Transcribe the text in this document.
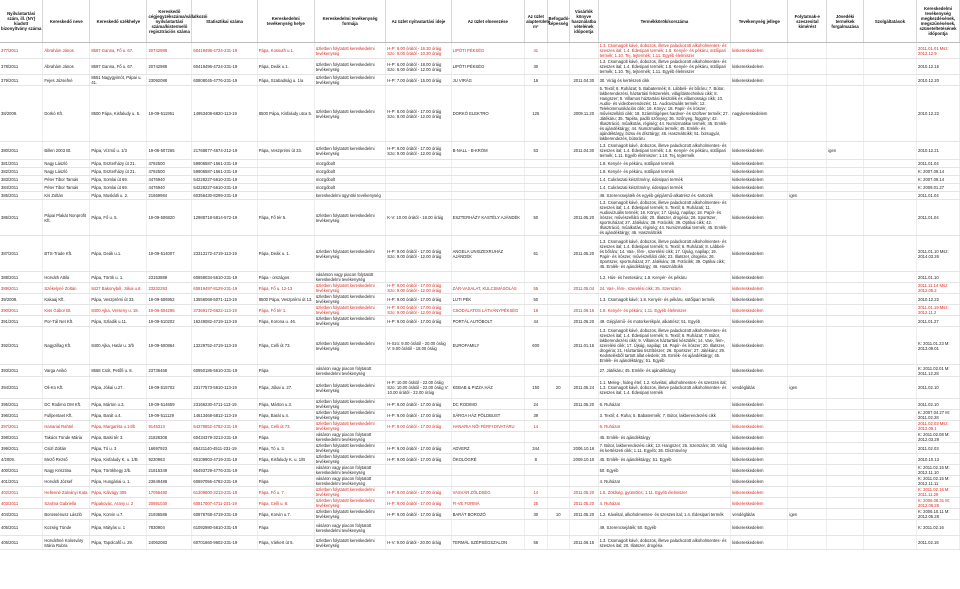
Nyilvántartási szám, ill. (NY) kiadott bizonyítvány száma	Kereskedő neve	Kereskedő székhelye	Kereskedő cégjegyzékszáma/vállalkozói nyilvántartási száma/kistermelő regisztrációs száma	Statisztikai száma	Kereskedelmi tevékenység helye	Kereskedelmi tevékenység formája	Az üzlet nyitvatartási ideje	Az üzlet elnevezése	Az üzlet alapterülete m²	Befogadó-képesség	Vásárlók könyve használatba vételének időpontja	Termékkörök/sorszáma	Tevékenység jellege	Folytatnak-e szeszesital kimérést	Jövedéki termékek forgalmazása	Szolgáltatások	Kereskedelmi tevékenység megkezdésének, megszűnésének, szüneteltetésének időpontja
377/2011	Ábrahám János	8597 Ganna, Fő u. 67.	20742988	60419496-4724-231-19	Pápa, Kossuth u.1.	üzletben folytatott kereskedelmi tevékenység	H-P: 6.00 órától - 16.30 óráig Szo: 6.00 órától - 10.30 óráig	LIPÓTI PÉKSÉG	41			1.3. Csomagolt kávé, dobozos, illetve palackozott alkoholmentes- és szeszes ital; 1.4. Édesipari termék; 1.8. Kenyér- és pékáru, sütőipari termék; 1.10. Tej, tejtermék; 1.11. Egyéb élelmiszer	kiskereskedelem				2011.01.01 Msz: 2012.12.9
378/2011	Ábrahám János	8597 Ganna, Fő u. 67.	20742988	60419496-4724-231-19	Pápa, Deák u.1.	üzletben folytatott kereskedelmi tevékenység	H-P: 6.00 órától - 18.00 óráig Szo: 6.00 órától - 12.00 óráig	LIPÓTI PÉKSÉG	30			1.3. Csomagolt kávé, dobozos, illetve palackozott alkoholmentes- és szeszes ital; 1.4. Édesipari termék; 1.8. Kenyér- és pékáru, sütőipari termék; 1.10. Tej, tejtermék; 1.11. Egyéb élelmiszer	kiskereskedelem				2010.12.15
379/2011	Fejes Józsefné	8551 Nagygyimót, Pápai u. 41.	23092088	60808045-4776-231-19	Pápa, Szabadság u. 1/a	üzletben folytatott kereskedelmi tevékenység	H-P: 7.00 órától - 15.00 óráig	JU VIRÁG	16		2011.04.30	30. Virág és kertészeti cikk	kiskereskedelem				2010.12.20
38/2009.	Dorkó Kft.	8500 Pápa, Kisfaludy u. 5.	19-09-511951	14953408-6820-113-19	8500 Pápa, Kisfaludy utca 5.	üzletben folytatott kereskedelmi tevékenység	H-P: 8.00 órától - 17.00 óráig Szo: 8.00 órától - 12.00 óráig	DORKÓ ELEKTRO	125		2009.11.20	5. Textil; 6. Ruházat; 5. Babatermék; 6. Lábbeli- és bőráru; 7. Bútor, lakberendezési, háztartási felszerelés, világítástechnikai cikk; 8. Hangszer; 9. Villamos háztartási készülék és villamossági cikk; 10. Audio- és videoberendezés; 11. Audiovizuális termék; 12. Telekommunikációs cikk; 16. Könyv; 18. Papír- és írószer, művészellátó cikk; 19. Számítógépes hardver- és szoftver termék; 27. Játékáru; 35. Tapéta, padló szőnyeg; 36. Szőnyeg, függöny; 42. Illusztráció, műalkotás, régiség; 44. Numizmatikai termék; 45. Emlék- és ajándéktárgy; 44. Numizmatikai termék; 45. Emlék- és ajándéktárgy, bizsu és dísztárgy; 46. Használtcikk; 51. bizsugyár, lakberendezés, bútoráru	nagykereskedelem				2010.12.22
380/2011	Billen 2003 Bt.	Pápa, Vízmű u. 1/3	19-06-507265	21768877-4674-212-19	Pápa, Veszprémi út 33.	üzletben folytatott kereskedelmi tevékenység	H-P: 9.00 órától - 17.00 óráig Szo: 9.00 órától - 12.00 óráig	B-NALL - B-KRÓM	53		2011.04.30	1.3. Csomagolt kávé, dobozos, illetve palackozott alkoholmentes- és szeszes ital; 1.4. Édesipari termék; 1.8. Kenyér- és pékáru, sütőipari termék; 1.11. Egyéb élelmiszer; 1.10. Tej, tejtermék	kiskereskedelem		igen		2010.12.21
381/2011	Nagy László	Pápa, Eszterházy út 21.	4792500	59906587-1561-231-19		mozgóbolt						1.8. Kenyér- és pékáru, sütőipari termék	kiskereskedelem				2011.01.04
382/2011	Nagy László	Pápa, Eszterházy út 21.	4792500	59906587-1561-231-19		mozgóbolt						1.8. Kenyér- és pékáru, sütőipari termék	kiskereskedelem				K: 2007.09.14
383/2011	Péter Tibor Tamás	Pápa, Somlai út 69.	4476940	54228227-5610-231-19		mozgóbolt						1.4. Cukrászati készítmény, édesipari termék	kiskereskedelem				K: 2007.09.14
384/2011	Péter Tibor Tamás	Pápa, Somlai út 69.	4476940	54228227-5610-231-19		mozgóbolt						1.4. Cukrászati készítmény, édesipari termék	kiskereskedelem				K: 2009.01.27
385/2011	Kis Zoltán	Pápa, Muskátli u. 2.	21669984	60356430-8299-231-19		kereskedelmi ügynöki tevékenység						48. Szerencsejáték és egyéb gépjármű-alkatrész és -tartozék	kiskereskedelem	igen			2011.01.04
386/2011	Pápai Plakát Nonprofit Kft.	Pápa, Fő u. 5.	19-09-506820	12988718-5814-572-19	Pápa, Fő tér 5.	üzletben folytatott kereskedelmi tevékenység	K-V: 10.00 órától - 18.00 óráig	ESZTERHÁZY KASTÉLY AJÁNDÉK	50		2011.05.20	1.3. Csomagolt kávé, dobozos, illetve palackozott alkoholmentes- és szeszes ital; 1.4. Édesipari termék; 5. Textil; 6. Ruházati; 11. Audiovizuális termék; 16. Könyv; 17. Újság, napilap; 18. Papír- és írószer, művészellátó cikk; 20. Illatszer, drogéria; 26. Sportszer, sportruházat; 27. Játékáru; 38. Fotócikk; 39. Optikai cikk; 42. Illusztráció, műalkotás, régiség; 44. Numizmatikai termék; 45. Emlék- és ajándéktárgy; 46. Használtcikk	kiskereskedelem				2011.01.04
387/2011	BTS-Trade Kft.	Pápa, Deák u.1.	19-09-514007	23313172-4719-113-19	Pápa, Deák u. 1.	üzletben folytatott kereskedelmi tevékenység	H-P: 9.00 órától - 17.00 óráig Szo: 9.00 órától - 12.00 óráig	ANGELA UNISZEXRUHÁZ AJÁNDÉK	61		2011.05.20	1.3. Csomagolt kávé, dobozos, illetve palackozott alkoholmentes- és szeszes ital; 1.4. Édesipari termék; 5. Textil; 6. Ruházati; 8. Lábbeli- és bőráru; 14. Vas-, fém-, szerelési cikk; 17. Újság, napilap; 19. Papír- és írószer, művészellátó cikk; 23. Illatszer, drogéria; 26. Sportszer, sportruházat; 27. Játékáru; 38. Fotócikk; 39. Optikai cikk; 45. Emlék- és ajándéktárgy; 46. Használtcikk	kiskereskedelem				2011.01.10 Msz: 2014.03.26
388/2011	Horváth Attila	Pápa, Török u. 1.	23153889	60659034-5610-231-19	Pápa - országos	vásárson vagy piacon folytatott kereskedelmi tevékenység						1.2. Hús- és hentesáru; 1.8. Kenyér- és pékáru	kiskereskedelem				2011.01.10
389/2011	Székelyné Zoltán	8427 Bakonybél, Jókai u.6.	23232293	60819497-8129-231-19	Pápa, Fő u. 12-13	üzletben folytatott kereskedelmi tevékenység	H-P: 9.00 órától - 17.00 óráig Szo: 9.00 órától - 12.00 óráig	ZÁR-VASALAT, KULCSMÁSOLÁS	55		2011.05.04	24. Vas-, fém-, szerelési cikk; 25. Szerszám	kiskereskedelem				2011.11.14 Msz: 2012.05.2
39/2009.	Kakaaj Kft.	Pápa, Veszprémi út 33.	19-09-506952	13556068-5071-113-19	8500 Pápa, Veszprémi út 13.	üzletben folytatott kereskedelmi tevékenység	H-P: 9.00 órától - 17.00 óráig	LUTI PÉK	50			1.3. Csomagolt kávé; 1.8. Kenyér- és pékáru, sütőipari termék	kiskereskedelem				2010.12.22
390/2011	Kiss Gábor Bt.	8400 Ajka, Verseny u. 19.	19-06-504296	37369172-6622-113-19	Pápa, Fő tér 1.	üzletben folytatott kereskedelmi tevékenység	H-P: 9.00 órától - 17.00 óráig Szo: 9.00 órától - 12.00 óráig	CSODÁLATOS LÁTVÁNYPÉKSÉG	16		2011.06.16	1.8. Kenyér- és pékáru; 1.11. Egyéb élelmiszer	kiskereskedelem				2011.01.19 Msz: 2012.11.2
391/2011	Por-Tál Net Kft.	Pápa, Szladik u.11.	19-09-510202	16249082-4719-113-19	Pápa, Korona u. 46.	üzletben folytatott kereskedelmi tevékenység	H-P: 9.00 órától - 17.00 óráig	PORTÁL AUTÓBOLT	44		2011.06.20	49. Gépjármű- és motorkerékpár, alkatrész; 51. Egyéb	kiskereskedelem				2011.01.27
392/2011	Nagyzillag Kft.	8400 Ajka, Határ u. 3/b	19-09-500864	13229752-4719-113-19	Pápa, Celli út 73.	üzletben folytatott kereskedelmi tevékenység	H-Szo: 9.00 órától - 20.00 óráig V: 9.00 órától - 18.00 óráig	EUROFAMILY	600		2011.01.16	1.3. Csomagolt kávé, dobozos, illetve palackozott alkoholmentes- és szeszes ital; 1.4. Édesipari termék; 5. Textil; 6. Ruházat; 7. Bútor, lakberendezési cikk; 9. Villamos háztartási készülék; 14. Vas-, fém-, szerelési cikk; 17. Újság, napilap; 18. Papír- és írószer; 20. Illatszer, drogéria; 21. Háztartási tisztítószer; 26. Sportszer; 27. Játékáru; 29. Kedvtelésből tartott állat eledele; 35. Emlék- és ajándéktárgy; 45. Emlék- és ajándéktárgy; 51. Egyéb	kiskereskedelem				K: 2011.01.23 M: 2013.09.01
393/2011	Varga Anikó	8558 Csót, Petőfi u. 8.	23736468	60950186-5610-231-19	Pápa	vásáron vagy piacon folytatott kereskedelmi tevékenység						27. Játékáru; 45. Emlék- és ajándéktárgy	kiskereskedelem				K: 2011.02.01 M: 2011.12.28
394/2011	Oli-Ko Kft.	Pápa, Jókai u.27.	19-09-515702	23177573-5610-113-19	Pápa, Jókai u. 27.	üzletben folytatott kereskedelmi tevékenység	H-P: 10.00 órától - 22.00 óráig Szo: 10.00 órától - 22.00 óráig V: 10.00 órától - 22.00 óráig	KEBAB & PIZZA HÁZ	150	20	2011.05.24	1.1. Meleg-, hideg étel; 1.2. Kávéital, alkoholmentes- és szeszes ital; 1.3. Csomagolt kávé, dobozos, illetve palackozott alkoholmentes- és szeszes ital; 1.4. Édesipari termék	vendéglátás	igen			2011.02.10
395/2011	DC Rodimo DM Kft.	Pápa, Márton u.3.	19-09-514659	23166230-4711-113-19	Pápa, Márton u.3.	üzletben folytatott kereskedelmi tevékenység	H-P: 9.00 órától - 17.00 óráig	DC RODIMO	24		2011.05.20	6. Ruházat	kiskereskedelem				2011.02.10
396/2011	Fullpentaet Kft.	Pápa, Barát u.4.	19-09-511129	14613468-5812-113-19	Pápa, Barát u.4.	üzletben folytatott kereskedelmi tevékenység	H-P: 9.00 órától - 17.00 óráig	SÁRGA HÁZ PÖLDBUST	39			3. Textil; 4. Ruha; 5. Babatermék; 7. Bútor, lakberendezési cikk	kiskereskedelem				K: 2007.04.27 M: 2011.02.28
397/2011	Hanarial Rahtel	Pápa, Margaréta u.14/b	9145313	64378852-4782-231-19	Pápa, Celli út 73.	üzletben folytatott kereskedelmi tevékenység	H-P: 9.00 órától - 17.00 óráig	HANARIA NŐI FÉRFI DIVATÁRU	14			6. Ruházat	kiskereskedelem				2011.02.03 Msz: 2012.09.1
398/2011	Takács Tünde Mária	Pápa, Batsi tér 3.	21826308	60434379-3213-231-19	Pápa	vásáron vagy piacon folytatott kereskedelmi tevékenység						45. Emlék- és ajándéktárgy	kiskereskedelem				K: 2011.02.08 M: 2012.03.28
399/2011	Csizl Zoltán	Pápa, Tó u. 3	16697923	65421140-4511-231-19	Pápa, Tó u. 3.	üzletben folytatott kereskedelmi tevékenység	H-P: 9.00 órától - 17.00 óráig	ADVERZ	344		2006.10.16	7. Bútor, lakberendezési cikk; 13. Hangszer; 25. Szerszám; 30. Virág és kertészeti cikk; 1.11. Egyéb; 36. Dísznövény	kiskereskedelem				2011.02.03
4/2009.	Mező Rezső	Pápa, Kisfaludy K. u. 1/B	9230963	60109903-4719-231-19	Pápa, Kisfaludy K. u. 1/B	üzletben folytatott kereskedelmi tevékenység	H-P: 9.00 órától - 17.00 óráig	ÖKOLÓGRÉ	8		2009.10.10	45. Emlék- és ajándéktárgy; 51. Egyéb	kiskereskedelem				2010.10.13
400/2011	Nagy Krisztina	Pápa, Törökhegy 2/b.	21815349	65493729-4776-231-19	Pápa	vásáron vagy piacon folytatott kereskedelmi tevékenység						50. Egyéb	kiskereskedelem				K: 2011.02.15 M: 2012.11.10
401/2011	Horváth József	Pápa, Hungáriai u. 1.	23649488	60697056-4782-231-19	Pápa	vásáron vagy piacon folytatott kereskedelmi tevékenység						4. Ruházat	kiskereskedelem				K: 2011.02.15 M: 2012.11.11
402/2011	Hellenné Zalványi Kata	Pápa, Kálvágy 305	17056480	61309600-3213-231-19	Pápa, Fő u. 7.	üzletben folytatott kereskedelmi tevékenység	H-P: 9.00 órától - 17.00 óráig	VASVÁR ZÖLDSÉG	14		2011.05.20	1.5. Zöldség, gyümölcs; 1.11. Egyéb élelmiszer	kiskereskedelem				K: 2011.02.16 M: 2011.11.28
403/2011	Szalma Gabriella	Pápakovác, Arany u. 2	20891030	60817007-4711-231-19	Pápa, Celli u. 8.	üzletben folytatott kereskedelmi tevékenység	H-P: 9.00 órától - 17.00 óráig	FI-VE FORMÁ	25		2011.05.20	4. Ruházat	kiskereskedelem				K: 2006.08.31 M: 2012.06.28
404/2011	Borossénusz László	Pápa, Korvin u.7.	21936586	60876768-4719-231-19	Pápa, Korvin u.7.	üzletben folytatott kereskedelmi tevékenység	H-P: 9.00 órától - 17.00 óráig	BARÁT BOROZÓ	30	10	2011.05.20	1.2. Kávéital, alkoholmentes- és szeszes ital; 1.4. Édesipari termék	vendéglátás	igen			K: 2006.10.11 M: 2012.05.28
405/2011	Kozség Tünde	Pápa, Mátyás u. 1	7830904	61092980-5610-231-19	Pápa	vásáron vagy piacon folytatott kereskedelmi tevékenység						49. Szerencsejáték; 50. Egyéb	kiskereskedelem				K: 2011.02.16
406/2011	Horváthné Kolosváry Mária Rubra	Pápa, Tapolcafő u. 29.	24062083	60701660-9602-231-19	Pápa, Várkert út 5.	üzletben folytatott kereskedelmi tevékenység	H-V: 9.00 órától - 20.00 óráig	TERMÁL SZÉPSÉGSZALON	56		2011.06.15	1.3. Csomagolt kávé, dobozos, illetve palackozott alkoholmentes- és szeszes ital; 20. Illatszer, drogéria	kiskereskedelem				2011.02.16
